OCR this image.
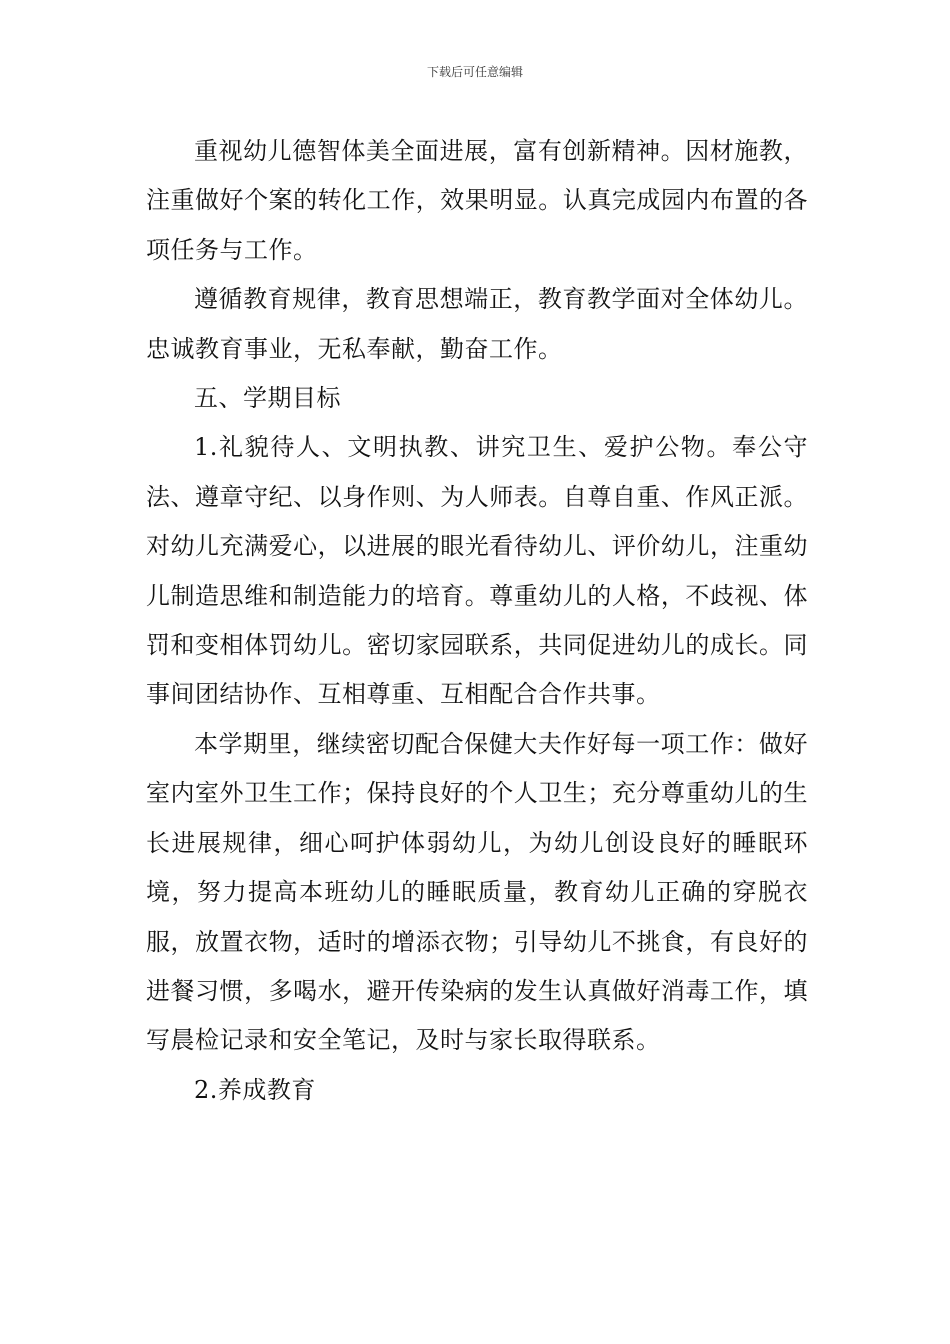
下载后可任意编辑

重视幼儿德智体美全面进展，富有创新精神。因材施教，注重做好个案的转化工作，效果明显。认真完成园内布置的各项任务与工作。

遵循教育规律，教育思想端正，教育教学面对全体幼儿。忠诚教育事业，无私奉献，勤奋工作。

五、学期目标

1.礼貌待人、文明执教、讲究卫生、爱护公物。奉公守法、遵章守纪、以身作则、为人师表。自尊自重、作风正派。对幼儿充满爱心，以进展的眼光看待幼儿、评价幼儿，注重幼儿制造思维和制造能力的培育。尊重幼儿的人格，不歧视、体罚和变相体罚幼儿。密切家园联系，共同促进幼儿的成长。同事间团结协作、互相尊重、互相配合合作共事。

本学期里，继续密切配合保健大夫作好每一项工作：做好室内室外卫生工作；保持良好的个人卫生；充分尊重幼儿的生长进展规律，细心呵护体弱幼儿，为幼儿创设良好的睡眠环境，努力提高本班幼儿的睡眠质量，教育幼儿正确的穿脱衣服，放置衣物，适时的增添衣物；引导幼儿不挑食，有良好的进餐习惯，多喝水，避开传染病的发生认真做好消毒工作，填写晨检记录和安全笔记，及时与家长取得联系。

2.养成教育
